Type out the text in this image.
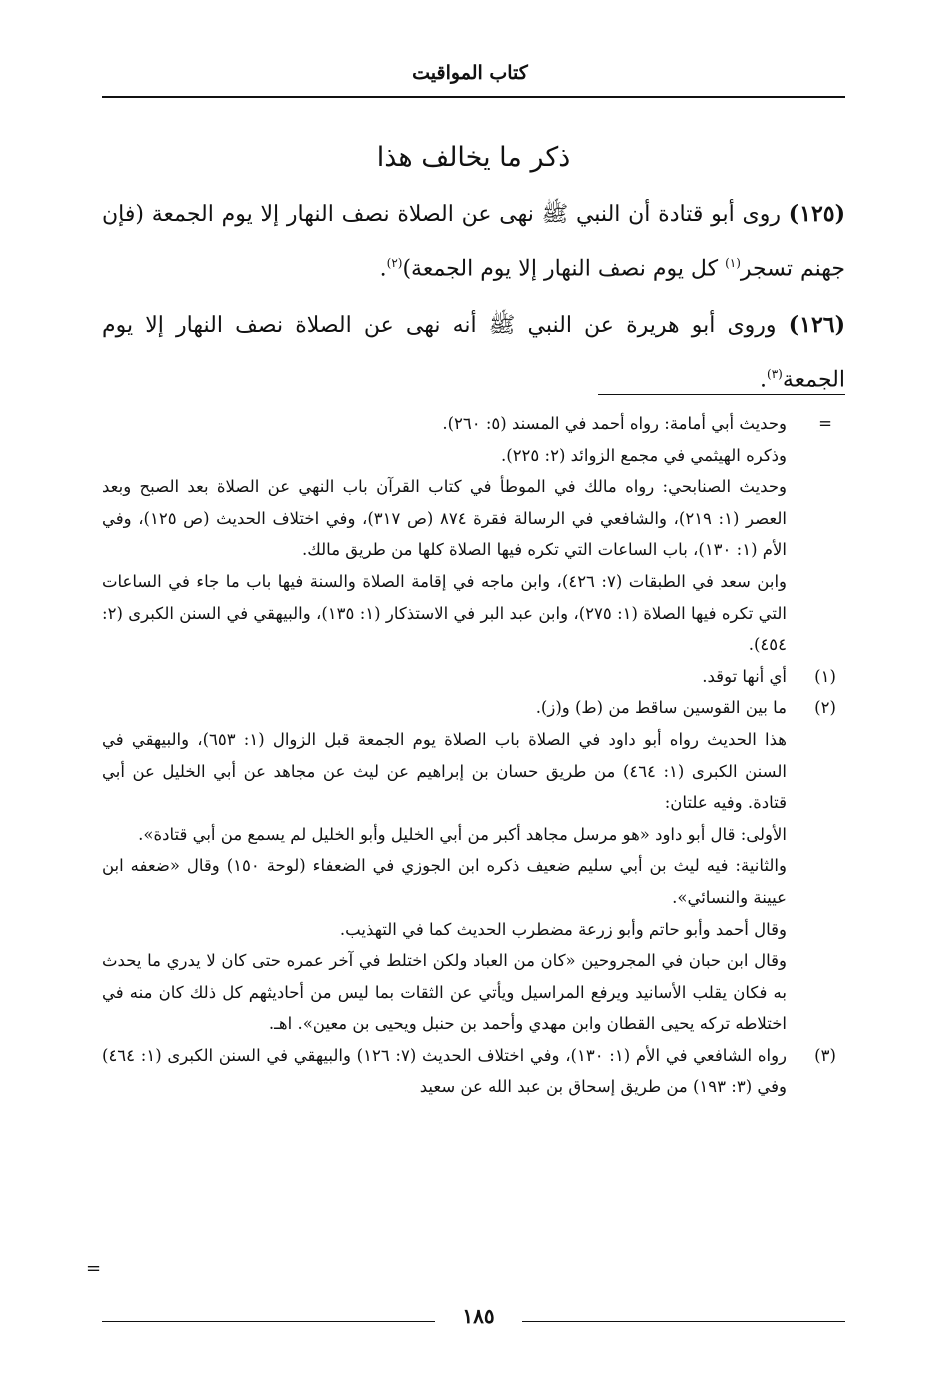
كتاب المواقيت
ذكر ما يخالف هذا

(١٢٥) روى أبو قتادة أن النبي ﷺ نهى عن الصلاة نصف النهار إلا يوم الجمعة (فإن جهنم تسجر$^{(١)}$ كل يوم نصف النهار إلا يوم الجمعة)$^{(٢)}$.

(١٢٦) وروى أبو هريرة عن النبي ﷺ أنه نهى عن الصلاة نصف النهار إلا يوم الجمعة$^{(٣)}$.

=

وحديث أبي أمامة: رواه أحمد في المسند (٥: ٢٦٠).

وذكره الهيثمي في مجمع الزوائد (٢: ٢٢٥).

وحديث الصنابحي: رواه مالك في الموطأ في كتاب القرآن باب النهي عن الصلاة بعد الصبح وبعد العصر (١: ٢١٩)، والشافعي في الرسالة فقرة ٨٧٤ (ص ٣١٧)، وفي اختلاف الحديث (ص ١٢٥)، وفي الأم (١: ١٣٠)، باب الساعات التي تكره فيها الصلاة كلها من طريق مالك.

وابن سعد في الطبقات (٧: ٤٢٦)، وابن ماجه في إقامة الصلاة والسنة فيها باب ما جاء في الساعات التي تكره فيها الصلاة (١: ٢٧٥)، وابن عبد البر في الاستذكار (١: ١٣٥)، والبيهقي في السنن الكبرى (٢: ٤٥٤).

(١)

أي أنها توقد.

(٢)

ما بين القوسين ساقط من (ط) و(ز).

هذا الحديث رواه أبو داود في الصلاة باب الصلاة يوم الجمعة قبل الزوال (١: ٦٥٣)، والبيهقي في السنن الكبرى (١: ٤٦٤) من طريق حسان بن إبراهيم عن ليث عن مجاهد عن أبي الخليل عن أبي قتادة. وفيه علتان:

الأولى: قال أبو داود «هو مرسل مجاهد أكبر من أبي الخليل وأبو الخليل لم يسمع من أبي قتادة».

والثانية: فيه ليث بن أبي سليم ضعيف ذكره ابن الجوزي في الضعفاء (لوحة ١٥٠) وقال «ضعفه ابن عيينة والنسائي».

وقال أحمد وأبو حاتم وأبو زرعة مضطرب الحديث كما في التهذيب.

وقال ابن حبان في المجروحين «كان من العباد ولكن اختلط في آخر عمره حتى كان لا يدري ما يحدث به فكان يقلب الأسانيد ويرفع المراسيل ويأتي عن الثقات بما ليس من أحاديثهم كل ذلك كان منه في اختلاطه تركه يحيى القطان وابن مهدي وأحمد بن حنبل ويحيى بن معين». اهـ.

(٣)

رواه الشافعي في الأم (١: ١٣٠)، وفي اختلاف الحديث (٧: ١٢٦) والبيهقي في السنن الكبرى (١: ٤٦٤) وفي (٣: ١٩٣) من طريق إسحاق بن عبد الله عن سعيد

=
١٨٥
